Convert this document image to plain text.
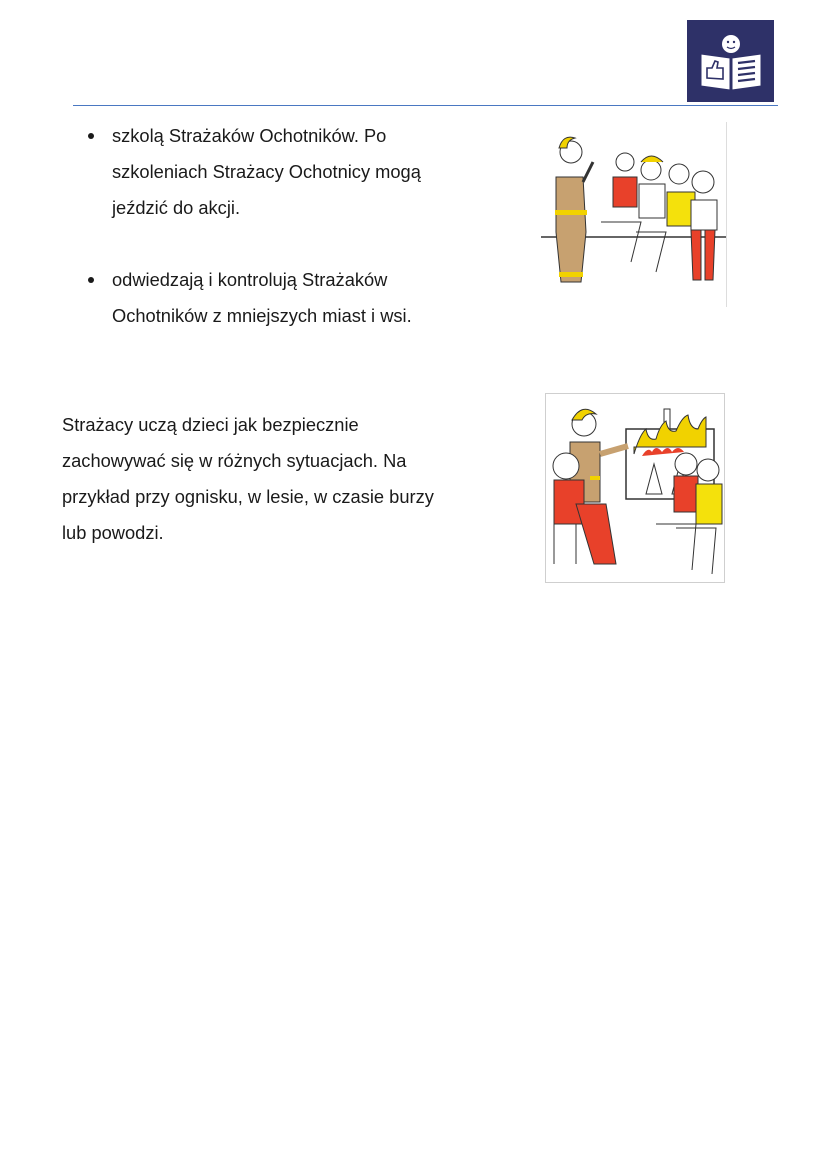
szkolą Strażaków Ochotników. Po
szkoleniach Strażacy Ochotnicy mogą
jeździć do akcji.
odwiedzają i kontrolują Strażaków
Ochotników z mniejszych miast i wsi.
Strażacy uczą dzieci jak bezpiecznie
zachowywać się w różnych sytuacjach. Na
przykład przy ognisku, w lesie, w czasie burzy
lub powodzi.
